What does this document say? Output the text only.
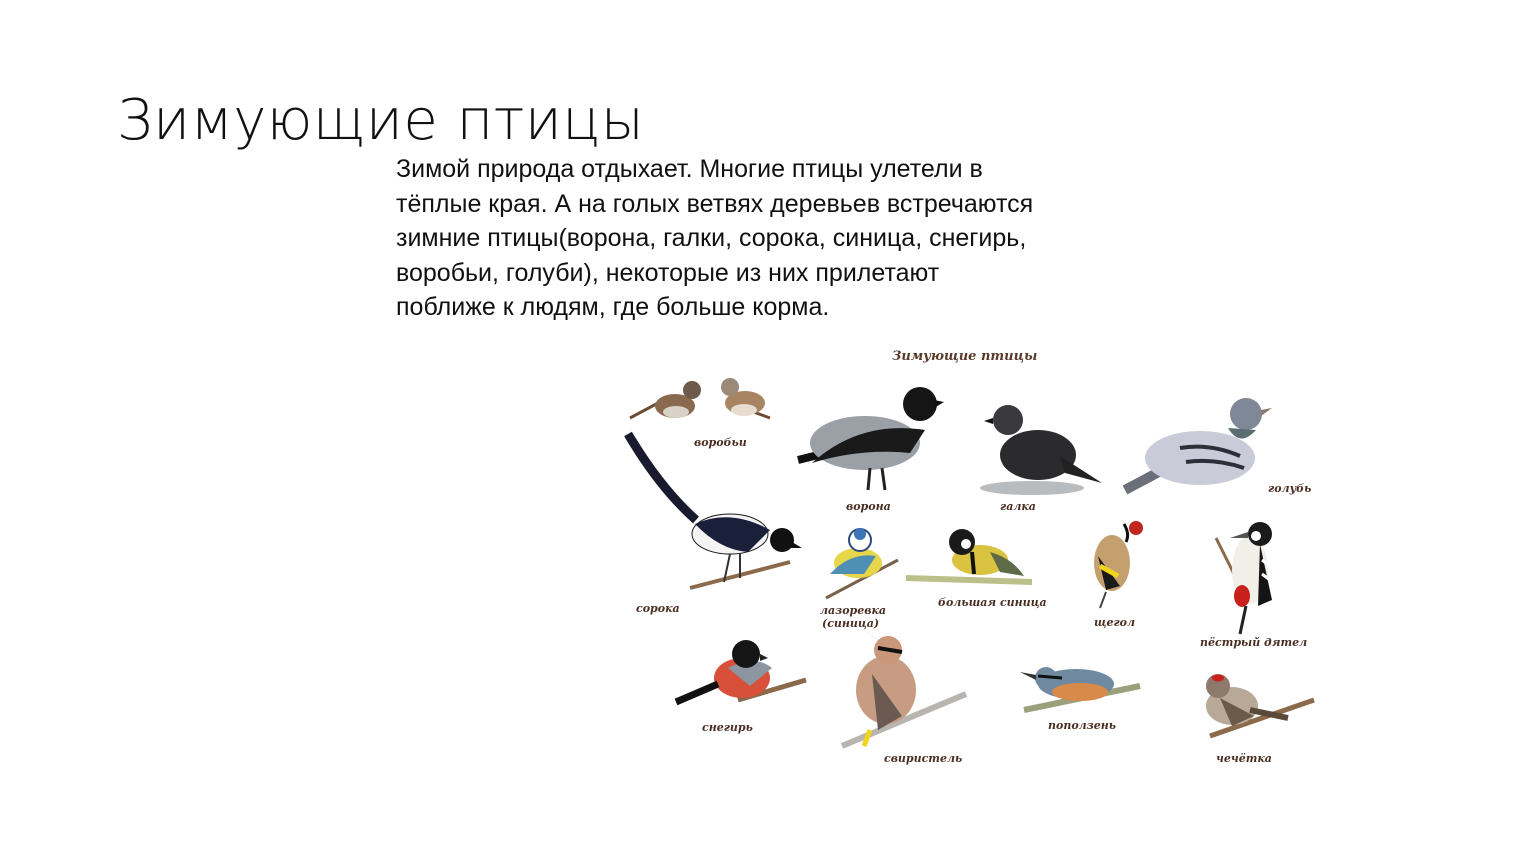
Зимующие птицы
Зимой природа отдыхает. Многие птицы улетели в
тёплые края. А на голых ветвях деревьев встречаются
зимние птицы(ворона, галки, сорока, синица, снегирь,
воробьи, голуби), некоторые из них прилетают
поближе к людям, где больше корма.
Зимующие птицы
воробьи
ворона	галка
голубь
сорока	лазоревка
(синица)
большая синица
щегол
пёстрый дятел
снегирь
свиристель
поползень
чечётка
